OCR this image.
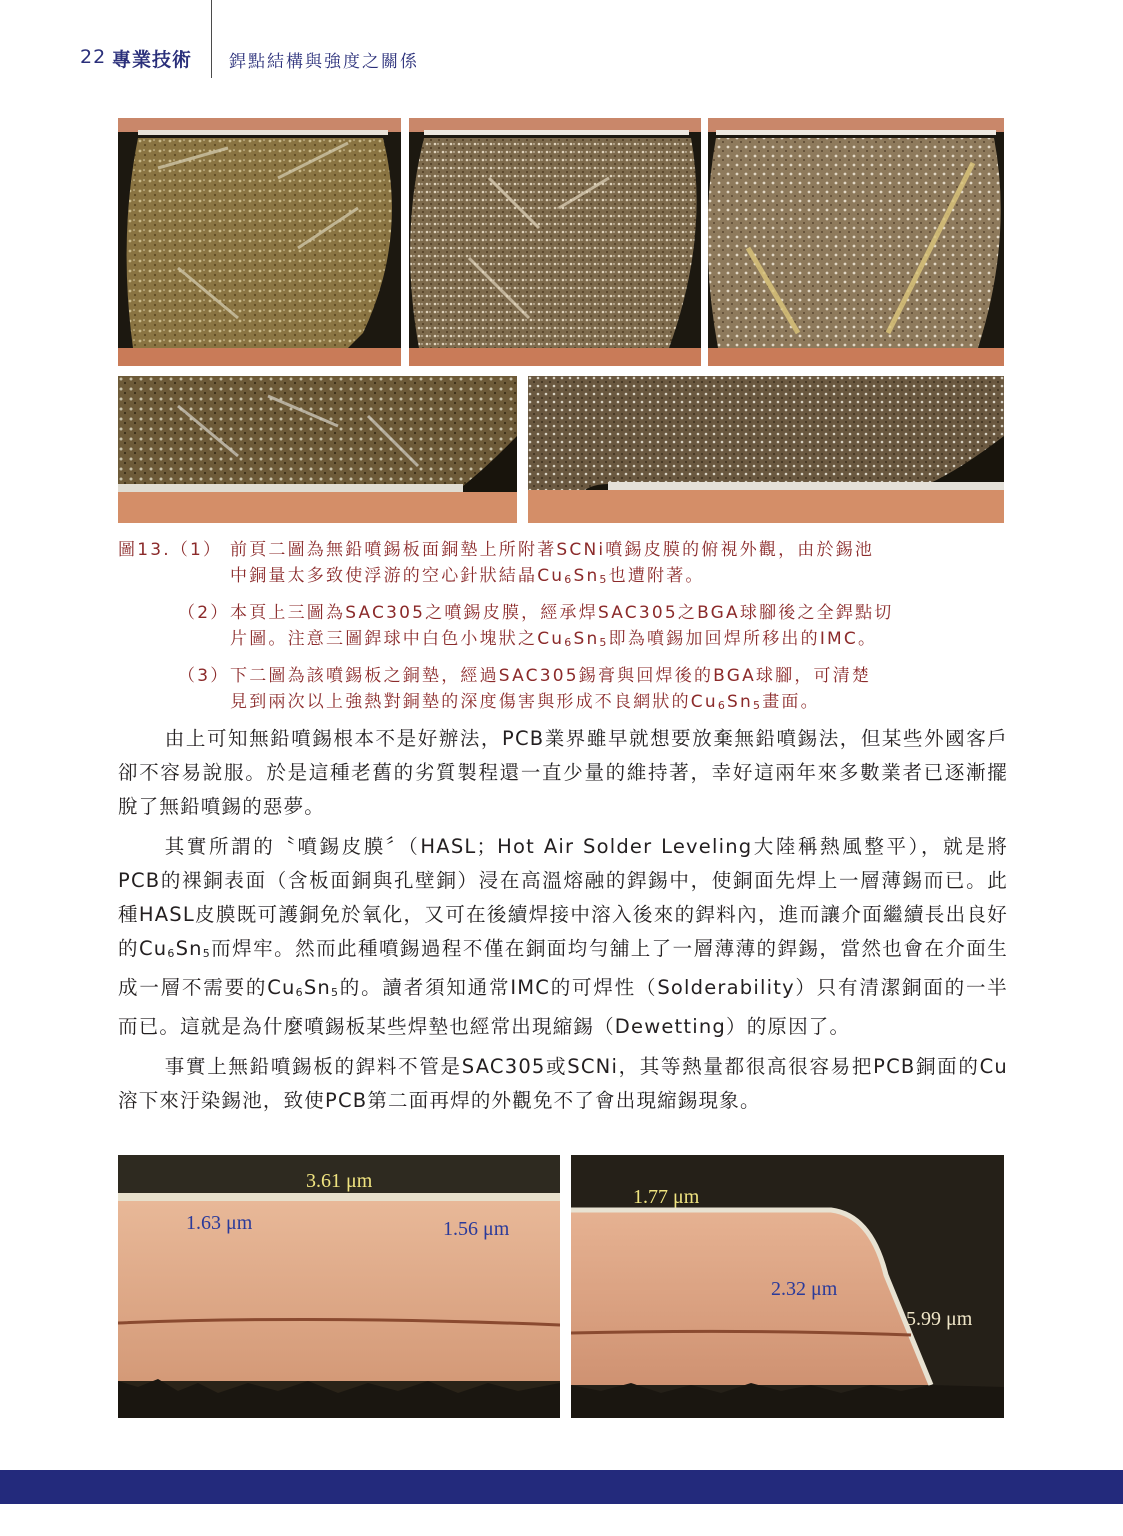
22 專業技術 銲點結構與強度之關係
圖13.（1） 前頁二圖為無鉛噴錫板面銅墊上所附著SCNi噴錫皮膜的俯視外觀，由於錫池
中銅量太多致使浮游的空心針狀結晶$Cu_6Sn_5$也遭附著。
（2） 本頁上三圖為SAC305之噴錫皮膜，經承焊SAC305之BGA球腳後之全銲點切
片圖。注意三圖銲球中白色小塊狀之$Cu_6Sn_5$即為噴錫加回焊所移出的IMC。
（3） 下二圖為該噴錫板之銅墊，經過SAC305錫膏與回焊後的BGA球腳，可清楚
見到兩次以上強熱對銅墊的深度傷害與形成不良網狀的$Cu_6Sn_5$畫面。

由上可知無鉛噴錫根本不是好辦法，PCB業界雖早就想要放棄無鉛噴錫法，但某些外國客戶卻不容易說服。於是這種老舊的劣質製程還一直少量的維持著，幸好這兩年來多數業者已逐漸擺脫了無鉛噴錫的惡夢。

其實所謂的〝噴錫皮膜〞（HASL；Hot Air Solder Leveling大陸稱熱風整平），就是將PCB的裸銅表面（含板面銅與孔壁銅）浸在高溫熔融的銲錫中，使銅面先焊上一層薄錫而已。此種HASL皮膜既可護銅免於氧化，又可在後續焊接中溶入後來的銲料內，進而讓介面繼續長出良好的$Cu_6Sn_5$而焊牢。然而此種噴錫過程不僅在銅面均勻舖上了一層薄薄的銲錫，當然也會在介面生成一層不需要的$Cu_6Sn_5$的。讀者須知通常IMC的可焊性（Solderability）只有清潔銅面的一半而已。這就是為什麼噴錫板某些焊墊也經常出現縮錫（Dewetting）的原因了。

事實上無鉛噴錫板的銲料不管是SAC305或SCNi，其等熱量都很高很容易把PCB銅面的Cu溶下來汙染錫池，致使PCB第二面再焊的外觀免不了會出現縮錫現象。

3.61 μm
1.63 μm	1.56 μm
1.77 μm
2.32 μm
5.99 μm
